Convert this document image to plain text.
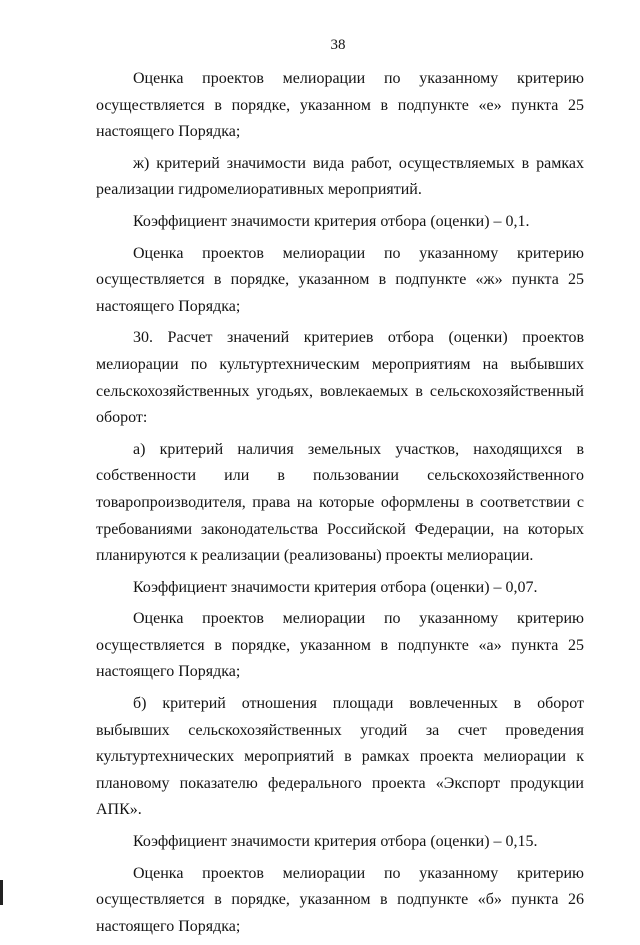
38

Оценка проектов мелиорации по указанному критерию осуществляется в порядке, указанном в подпункте «е» пункта 25 настоящего Порядка;

ж) критерий значимости вида работ, осуществляемых в рамках реализации гидромелиоративных мероприятий.

Коэффициент значимости критерия отбора (оценки) – 0,1.

Оценка проектов мелиорации по указанному критерию осуществляется в порядке, указанном в подпункте «ж» пункта 25 настоящего Порядка;

30. Расчет значений критериев отбора (оценки) проектов мелиорации по культуртехническим мероприятиям на выбывших сельскохозяйственных угодьях, вовлекаемых в сельскохозяйственный оборот:

а) критерий наличия земельных участков, находящихся в собственности или в пользовании сельскохозяйственного товаропроизводителя, права на которые оформлены в соответствии с требованиями законодательства Российской Федерации, на которых планируются к реализации (реализованы) проекты мелиорации.

Коэффициент значимости критерия отбора (оценки) – 0,07.

Оценка проектов мелиорации по указанному критерию осуществляется в порядке, указанном в подпункте «а» пункта 25 настоящего Порядка;

б) критерий отношения площади вовлеченных в оборот выбывших сельскохозяйственных угодий за счет проведения культуртехнических мероприятий в рамках проекта мелиорации к плановому показателю федерального проекта «Экспорт продукции АПК».

Коэффициент значимости критерия отбора (оценки) – 0,15.

Оценка проектов мелиорации по указанному критерию осуществляется в порядке, указанном в подпункте «б» пункта 26 настоящего Порядка;
